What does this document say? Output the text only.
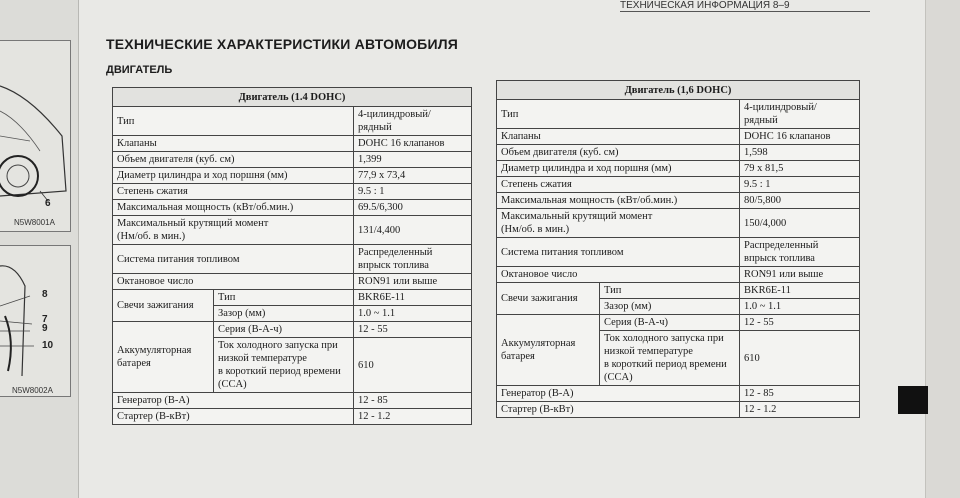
6
N5W8001A
8
7
9
10
N5W8002A
ТЕХНИЧЕСКАЯ ИНФОРМАЦИЯ 8–9
ТЕХНИЧЕСКИЕ ХАРАКТЕРИСТИКИ АВТОМОБИЛЯ
ДВИГАТЕЛЬ
Двигатель (1.4 DOHC)		
Тип		4-цилиндровый/
рядный
Клапаны		DOHC 16 клапанов
Объем двигателя (куб. см)		1,399
Диаметр цилиндра и ход поршня (мм)		77,9 x 73,4
Степень сжатия		9.5 : 1
Максимальная мощность (кВт/об.мин.)		69.5/6,300
Максимальный крутящий момент
(Нм/об. в мин.)		131/4,400
Система питания топливом		Распределенный
впрыск топлива
Октановое число		RON91 или выше
Свечи зажигания	Тип	BKR6E-11
	Зазор (мм)	1.0 ~ 1.1
Аккумуляторная
батарея	Серия (В-А-ч)	12 - 55
	Ток холодного запуска при
низкой температуре
в короткий период времени
(CCA)	610
Генератор (В-А)		12 - 85
Стартер (В-кВт)		12 - 1.2
Двигатель (1,6 DOHC)		
Тип		4-цилиндровый/
рядный
Клапаны		DOHC 16 клапанов
Объем двигателя (куб. см)		1,598
Диаметр цилиндра и ход поршня (мм)		79 x 81,5
Степень сжатия		9.5 : 1
Максимальная мощность (кВт/об.мин.)		80/5,800
Максимальный крутящий момент
(Нм/об. в мин.)		150/4,000
Система питания топливом		Распределенный
впрыск топлива
Октановое число		RON91 или выше
Свечи зажигания	Тип	BKR6E-11
	Зазор (мм)	1.0 ~ 1.1
Аккумуляторная
батарея	Серия (В-А-ч)	12 - 55
	Ток холодного запуска при
низкой температуре
в короткий период времени
(CCA)	610
Генератор (В-А)		12 - 85
Стартер (В-кВт)		12 - 1.2
